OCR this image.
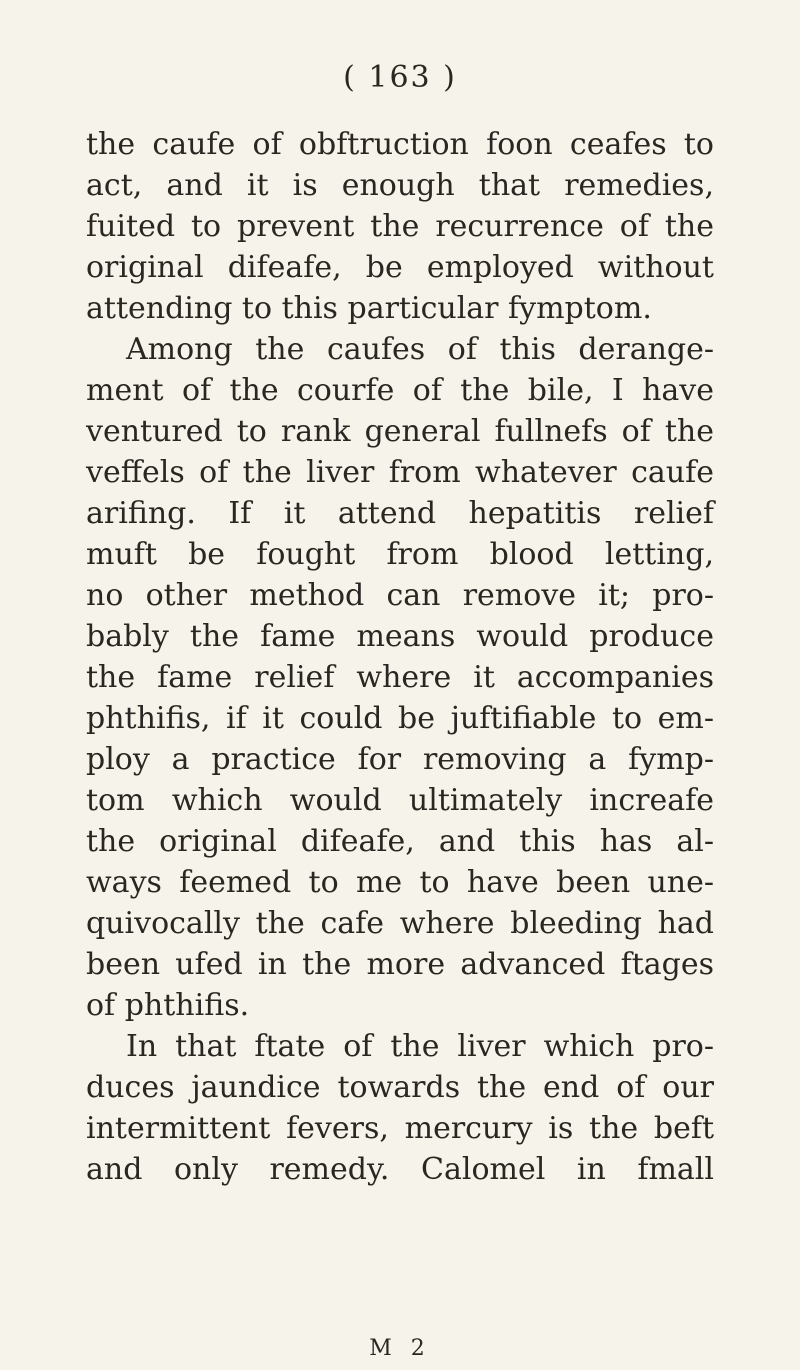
( 163 )
the caufe of obftruction foon ceafes to
act, and it is enough that remedies,
fuited to prevent the recurrence of the
original difeafe, be employed without
attending to this particular fymptom.
Among the caufes of this derange-
ment of the courfe of the bile, I have
ventured to rank general fullnefs of the
veffels of the liver from whatever caufe
arifing. If it attend hepatitis relief
muft be fought from blood letting,
no other method can remove it; pro-
bably the fame means would produce
the fame relief where it accompanies
phthifis, if it could be juftifiable to em-
ploy a practice for removing a fymp-
tom which would ultimately increafe
the original difeafe, and this has al-
ways feemed to me to have been une-
quivocally the cafe where bleeding had
been ufed in the more advanced ftages
of phthifis.
In that ftate of the liver which pro-
duces jaundice towards the end of our
intermittent fevers, mercury is the beft
and only remedy. Calomel in fmall
M 2
